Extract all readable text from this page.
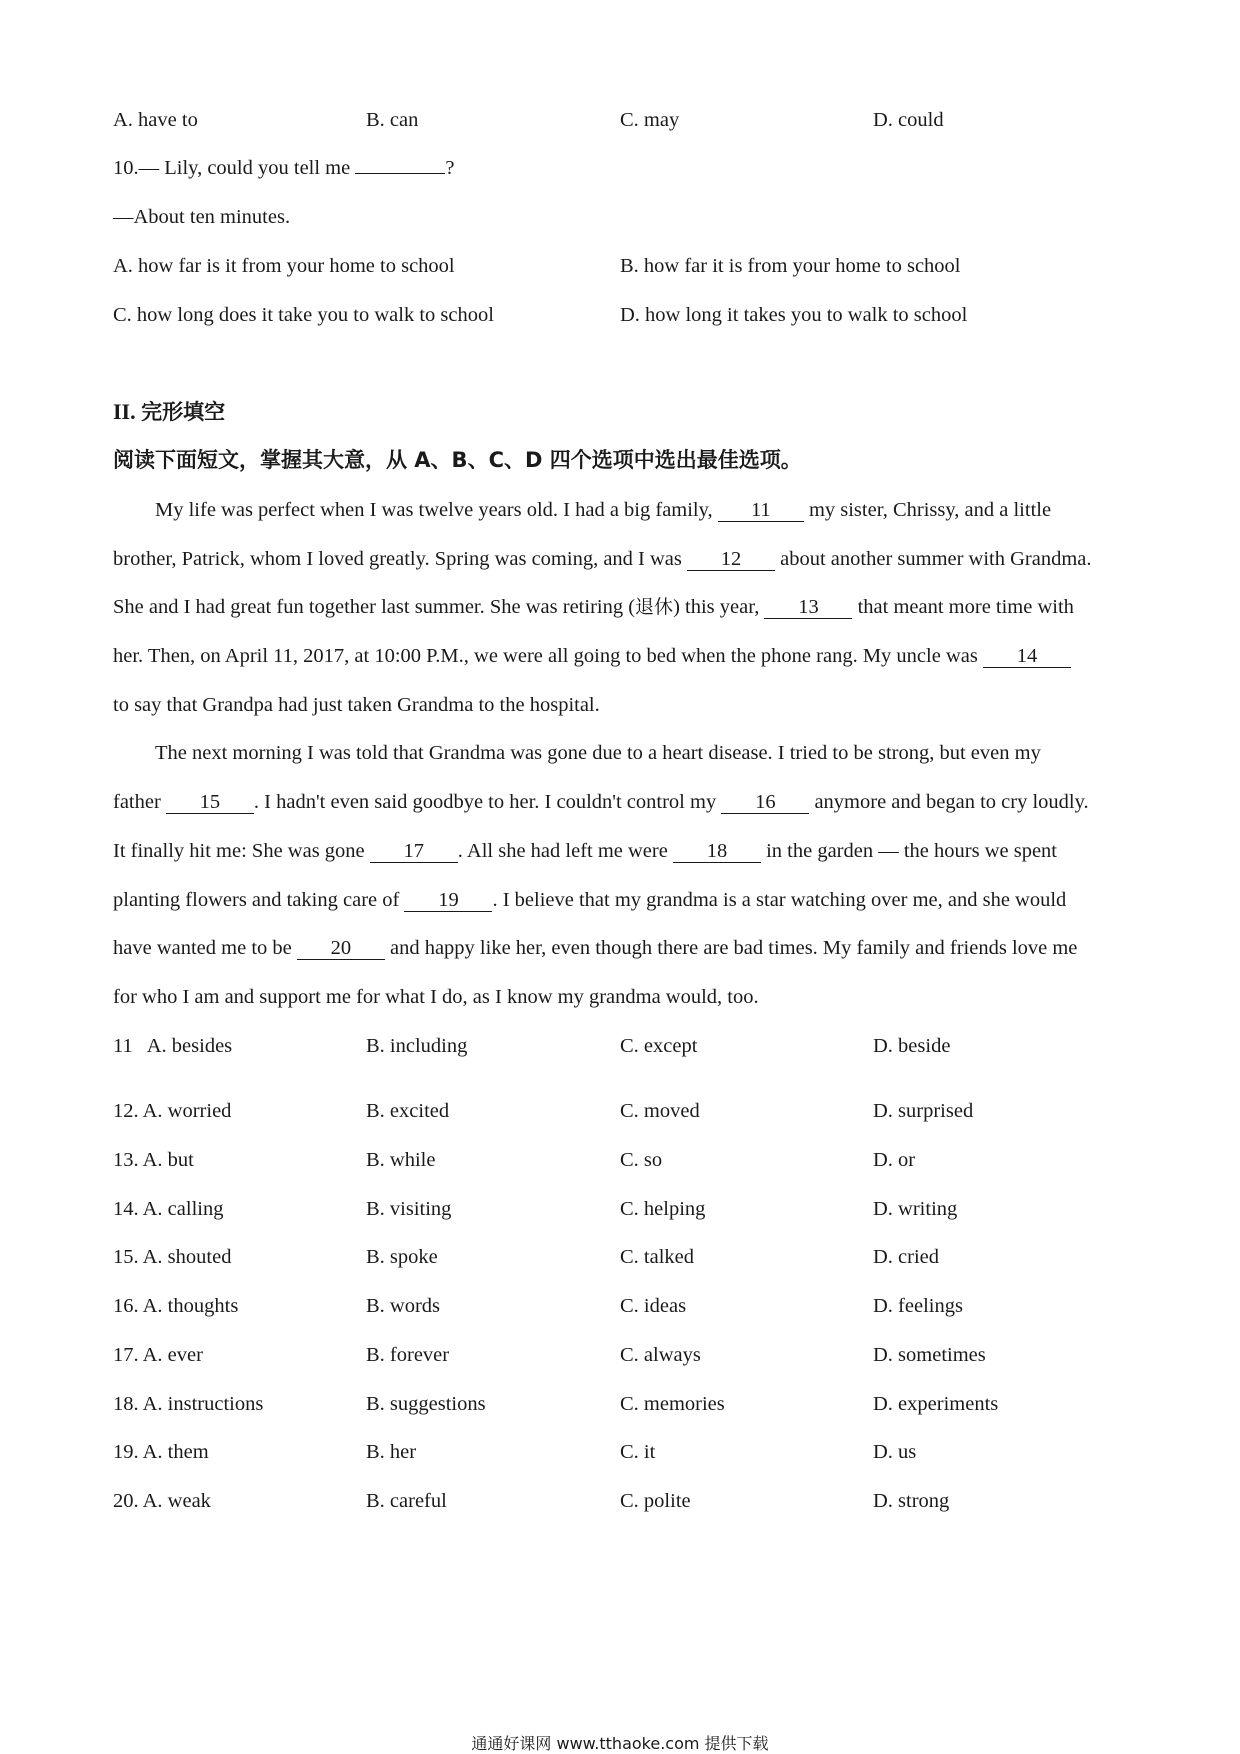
A. have to	B. can	C. may	D. could
10.— Lily, could you tell me	?
—About ten minutes.
A. how far is it from your home to school	B. how far it is from your home to school
C. how long does it take you to walk to school	D. how long it takes you to walk to school
II. 完形填空
阅读下面短文，掌握其大意，从 A、B、C、D 四个选项中选出最佳选项。
My life was perfect when I was twelve years old. I had a big family, 11 my sister, Chrissy, and a little
brother, Patrick, whom I loved greatly. Spring was coming, and I was 12 about another summer with Grandma.
She and I had great fun together last summer. She was retiring (退休) this year, 13 that meant more time with
her. Then, on April 11, 2017, at 10:00 P.M., we were all going to bed when the phone rang. My uncle was 14
to say that Grandpa had just taken Grandma to the hospital.
The next morning I was told that Grandma was gone due to a heart disease. I tried to be strong, but even my
father 15 . I hadn't even said goodbye to her. I couldn't control my 16 anymore and began to cry loudly.
It finally hit me: She was gone 17 . All she had left me were 18 in the garden — the hours we spent
planting flowers and taking care of 19 . I believe that my grandma is a star watching over me, and she would
have wanted me to be 20 and happy like her, even though there are bad times. My family and friends love me
for who I am and support me for what I do, as I know my grandma would, too.
11 A. besides	B. including	C. except	D. beside
12. A. worried	B. excited	C. moved	D. surprised
13. A. but	B. while	C. so	D. or
14. A. calling	B. visiting	C. helping	D. writing
15. A. shouted	B. spoke	C. talked	D. cried
16. A. thoughts	B. words	C. ideas	D. feelings
17. A. ever	B. forever	C. always	D. sometimes
18. A. instructions	B. suggestions	C. memories	D. experiments
19. A. them	B. her	C. it	D. us
20. A. weak	B. careful	C. polite	D. strong
通通好课网 www.tthaoke.com 提供下载
